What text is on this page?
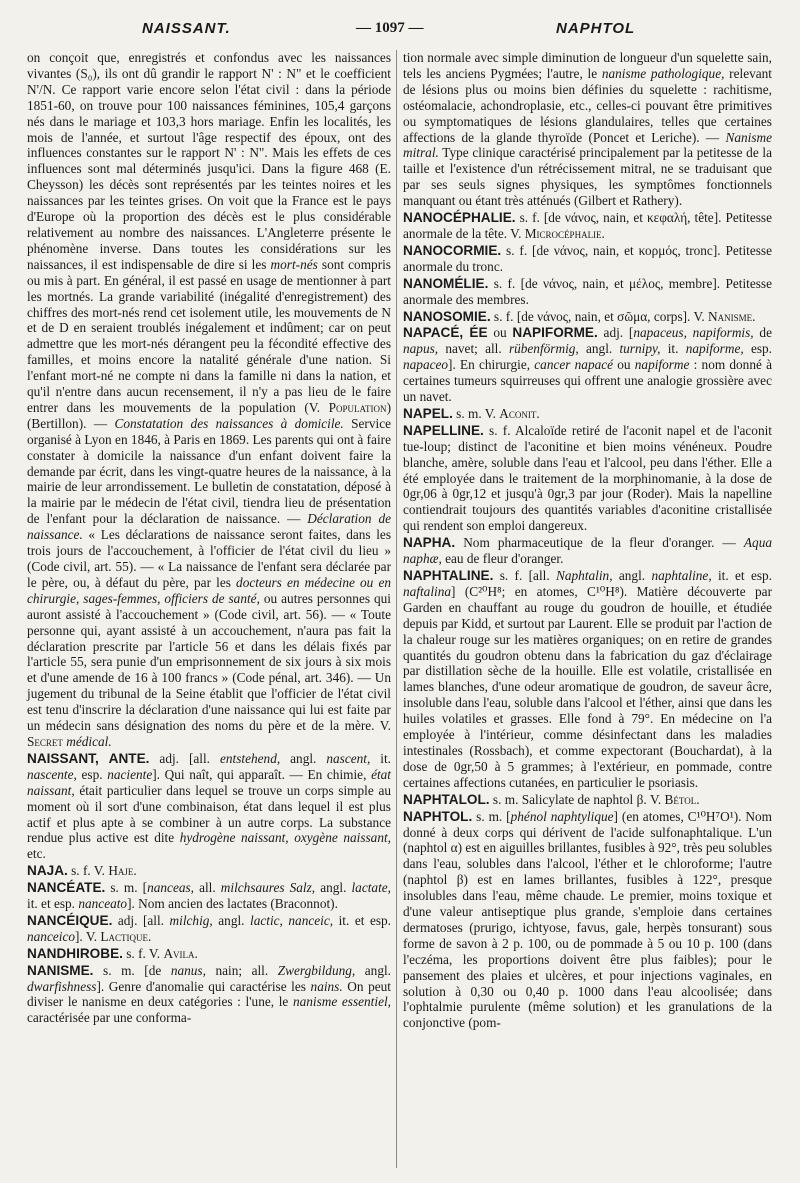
NAISSANT.	— 1097 —	NAPHTOL

on conçoit que, enregistrés et confondus avec les naissances vivantes (S₀), ils ont dû grandir le rapport N' : N" et le coefficient N'/N. Ce rapport varie encore selon l'état civil : dans la période 1851-60, on trouve pour 100 naissances féminines, 105,4 garçons nés dans le mariage et 103,3 hors mariage. Enfin les localités, les mois de l'année, et surtout l'âge respectif des époux, ont des influences constantes sur le rapport N' : N". Mais les effets de ces influences sont mal déterminés jusqu'ici. Dans la figure 468 (E. Cheysson) les décès sont représentés par les teintes noires et les naissances par les teintes grises. On voit que la France est le pays d'Europe où la proportion des décès est le plus considérable relativement au nombre des naissances. L'Angleterre présente le phénomène inverse. Dans toutes les considérations sur les naissances, il est indispensable de dire si les mort-nés sont compris ou mis à part. En général, il est passé en usage de mentionner à part les mortnés. La grande variabilité (inégalité d'enregistrement) des chiffres des mort-nés rend cet isolement utile, les mouvements de N et de D en seraient troublés inégalement et indûment; car on peut admettre que les mort-nés dérangent peu la fécondité effective des familles, et moins encore la natalité générale d'une nation. Si l'enfant mort-né ne compte ni dans la famille ni dans la nation, et qu'il n'entre dans aucun recensement, il n'y a pas lieu de le faire entrer dans les mouvements de la population (V. Population) (Bertillon). — Constatation des naissances à domicile. Service organisé à Lyon en 1846, à Paris en 1869. Les parents qui ont à faire constater à domicile la naissance d'un enfant doivent faire la demande par écrit, dans les vingt-quatre heures de la naissance, à la mairie de leur arrondissement. Le bulletin de constatation, déposé à la mairie par le médecin de l'état civil, tiendra lieu de présentation de l'enfant pour la déclaration de naissance. — Déclaration de naissance. « Les déclarations de naissance seront faites, dans les trois jours de l'accouchement, à l'officier de l'état civil du lieu » (Code civil, art. 55). — « La naissance de l'enfant sera déclarée par le père, ou, à défaut du père, par les docteurs en médecine ou en chirurgie, sages-femmes, officiers de santé, ou autres personnes qui auront assisté à l'accouchement » (Code civil, art. 56). — « Toute personne qui, ayant assisté à un accouchement, n'aura pas fait la déclaration prescrite par l'article 56 et dans les délais fixés par l'article 55, sera punie d'un emprisonnement de six jours à six mois et d'une amende de 16 à 100 francs » (Code pénal, art. 346). — Un jugement du tribunal de la Seine établit que l'officier de l'état civil est tenu d'inscrire la déclaration d'une naissance qui lui est faite par un médecin sans désignation des noms du père et de la mère. V. Secret médical.

NAISSANT, ANTE. adj. [all. entstehend, angl. nascent, it. nascente, esp. naciente]. Qui naît, qui apparaît. — En chimie, état naissant, était particulier dans lequel se trouve un corps simple au moment où il sort d'une combinaison, état dans lequel il est plus actif et plus apte à se combiner à un autre corps. La substance rendue plus active est dite hydrogène naissant, oxygène naissant, etc.

NAJA. s. f. V. Haje.

NANCÉATE. s. m. [nanceas, all. milchsaures Salz, angl. lactate, it. et esp. nanceato]. Nom ancien des lactates (Braconnot).

NANCÉIQUE. adj. [all. milchig, angl. lactic, nanceic, it. et esp. nanceico]. V. Lactique.

NANDHIROBE. s. f. V. Avila.

NANISME. s. m. [de nanus, nain; all. Zwergbildung, angl. dwarfishness]. Genre d'anomalie qui caractérise les nains. On peut diviser le nanisme en deux catégories : l'une, le nanisme essentiel, caractérisée par une conforma-

tion normale avec simple diminution de longueur d'un squelette sain, tels les anciens Pygmées; l'autre, le nanisme pathologique, relevant de lésions plus ou moins bien définies du squelette : rachitisme, ostéomalacie, achondroplasie, etc., celles-ci pouvant être primitives ou symptomatiques de lésions glandulaires, telles que certaines affections de la glande thyroïde (Poncet et Leriche). — Nanisme mitral. Type clinique caractérisé principalement par la petitesse de la taille et l'existence d'un rétrécissement mitral, ne se traduisant que par ses seuls signes physiques, les symptômes fonctionnels manquant ou étant très atténués (Gilbert et Rathery).

NANOCÉPHALIE. s. f. [de νάνος, nain, et κεφαλή, tête]. Petitesse anormale de la tête. V. Microcéphalie.

NANOCORMIE. s. f. [de νάνος, nain, et κορμός, tronc]. Petitesse anormale du tronc.

NANOMÉLIE. s. f. [de νάνος, nain, et μέλος, membre]. Petitesse anormale des membres.

NANOSOMIE. s. f. [de νάνος, nain, et σῶμα, corps]. V. Nanisme.

NAPACÉ, ÉE ou NAPIFORME. adj. [napaceus, napiformis, de napus, navet; all. rübenförmig, angl. turnipy, it. napiforme, esp. napaceo]. En chirurgie, cancer napacé ou napiforme : nom donné à certaines tumeurs squirreuses qui offrent une analogie grossière avec un navet.

NAPEL. s. m. V. Aconit.

NAPELLINE. s. f. Alcaloïde retiré de l'aconit napel et de l'aconit tue-loup; distinct de l'aconitine et bien moins vénéneux. Poudre blanche, amère, soluble dans l'eau et l'alcool, peu dans l'éther. Elle a été employée dans le traitement de la morphinomanie, à la dose de 0gr,06 à 0gr,12 et jusqu'à 0gr,3 par jour (Roder). Mais la napelline contiendrait toujours des quantités variables d'aconitine cristallisée qui rendent son emploi dangereux.

NAPHA. Nom pharmaceutique de la fleur d'oranger. — Aqua naphæ, eau de fleur d'oranger.

NAPHTALINE. s. f. [all. Naphtalin, angl. naphtaline, it. et esp. naftalina] (C²⁰H⁸; en atomes, C¹⁰H⁸). Matière découverte par Garden en chauffant au rouge du goudron de houille, et étudiée depuis par Kidd, et surtout par Laurent. Elle se produit par l'action de la chaleur rouge sur les matières organiques; on en retire de grandes quantités du goudron obtenu dans la fabrication du gaz d'éclairage par distillation sèche de la houille. Elle est volatile, cristallisée en lames blanches, d'une odeur aromatique de goudron, de saveur âcre, insoluble dans l'eau, soluble dans l'alcool et l'éther, ainsi que dans les huiles volatiles et grasses. Elle fond à 79°. En médecine on l'a employée à l'intérieur, comme désinfectant dans les maladies intestinales (Rossbach), et comme expectorant (Bouchardat), à la dose de 0gr,50 à 5 grammes; à l'extérieur, en pommade, contre certaines affections cutanées, en particulier le psoriasis.

NAPHTALOL. s. m. Salicylate de naphtol β. V. Bétol.

NAPHTOL. s. m. [phénol naphtylique] (en atomes, C¹⁰H⁷O¹). Nom donné à deux corps qui dérivent de l'acide sulfonaphtalique. L'un (naphtol α) est en aiguilles brillantes, fusibles à 92°, très peu solubles dans l'eau, solubles dans l'alcool, l'éther et le chloroforme; l'autre (naphtol β) est en lames brillantes, fusibles à 122°, presque insolubles dans l'eau, même chaude. Le premier, moins toxique et d'une valeur antiseptique plus grande, s'emploie dans certaines dermatoses (prurigo, ichtyose, favus, gale, herpès tonsurant) sous forme de savon à 2 p. 100, ou de pommade à 5 ou 10 p. 100 (dans l'eczéma, les proportions doivent être plus faibles); pour le pansement des plaies et ulcères, et pour injections vaginales, en solution à 0,30 ou 0,40 p. 1000 dans l'eau alcoolisée; dans l'ophtalmie purulente (même solution) et les granulations de la conjonctive (pom-
